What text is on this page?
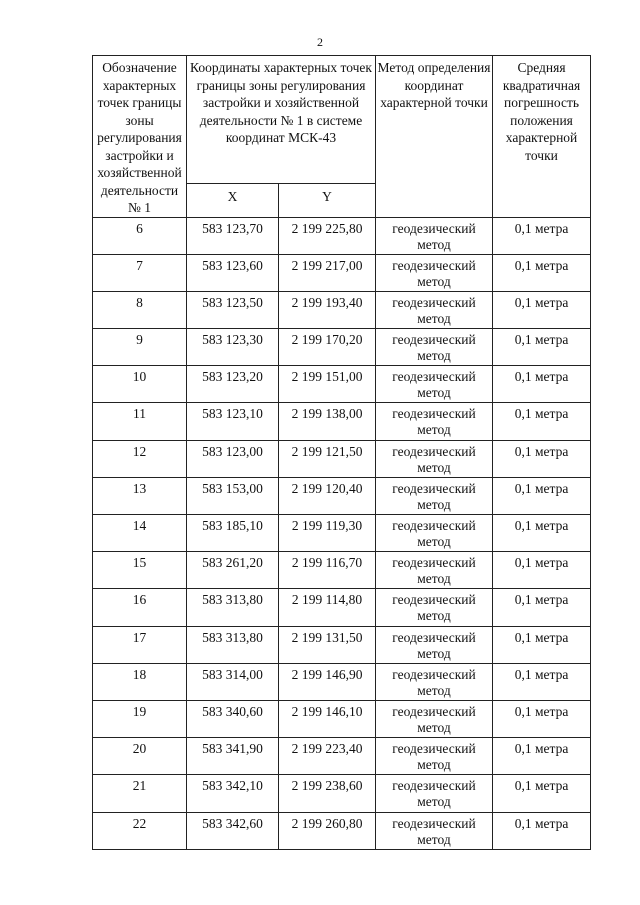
2
Обозначение характерных точек границы зоны регулирования застройки и хозяйственной деятельности № 1	Координаты характерных точек границы зоны регулирования застройки и хозяйственной деятельности № 1 в системе координат МСК-43		Метод определения координат характерной точки	Средняя квадратичная погрешность положения характерной точки
	X	Y		
6	583 123,70	2 199 225,80	геодезический метод	0,1 метра
7	583 123,60	2 199 217,00	геодезический метод	0,1 метра
8	583 123,50	2 199 193,40	геодезический метод	0,1 метра
9	583 123,30	2 199 170,20	геодезический метод	0,1 метра
10	583 123,20	2 199 151,00	геодезический метод	0,1 метра
11	583 123,10	2 199 138,00	геодезический метод	0,1 метра
12	583 123,00	2 199 121,50	геодезический метод	0,1 метра
13	583 153,00	2 199 120,40	геодезический метод	0,1 метра
14	583 185,10	2 199 119,30	геодезический метод	0,1 метра
15	583 261,20	2 199 116,70	геодезический метод	0,1 метра
16	583 313,80	2 199 114,80	геодезический метод	0,1 метра
17	583 313,80	2 199 131,50	геодезический метод	0,1 метра
18	583 314,00	2 199 146,90	геодезический метод	0,1 метра
19	583 340,60	2 199 146,10	геодезический метод	0,1 метра
20	583 341,90	2 199 223,40	геодезический метод	0,1 метра
21	583 342,10	2 199 238,60	геодезический метод	0,1 метра
22	583 342,60	2 199 260,80	геодезический метод	0,1 метра
